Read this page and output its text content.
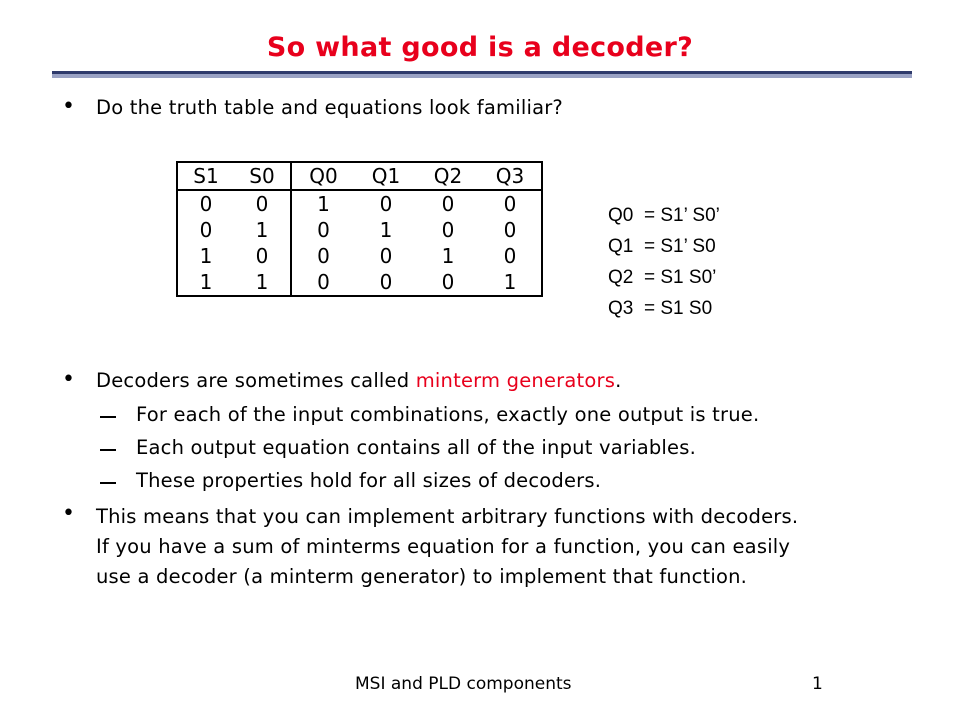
So what good is a decoder?
• Do the truth table and equations look familiar?
S1	S0	Q0	Q1	Q2	Q3
0	0	1	0	0	0
0	1	0	1	0	0
1	0	0	0	1	0
1	1	0	0	0	1
Q0 = S1’ S0’
Q1 = S1’ S0
Q2 = S1 S0’
Q3 = S1 S0
• Decoders are sometimes called minterm generators.
For each of the input combinations, exactly one output is true.
Each output equation contains all of the input variables.
These properties hold for all sizes of decoders.
• This means that you can implement arbitrary functions with decoders.
If you have a sum of minterms equation for a function, you can easily
use a decoder (a minterm generator) to implement that function.
MSI and PLD components	1
